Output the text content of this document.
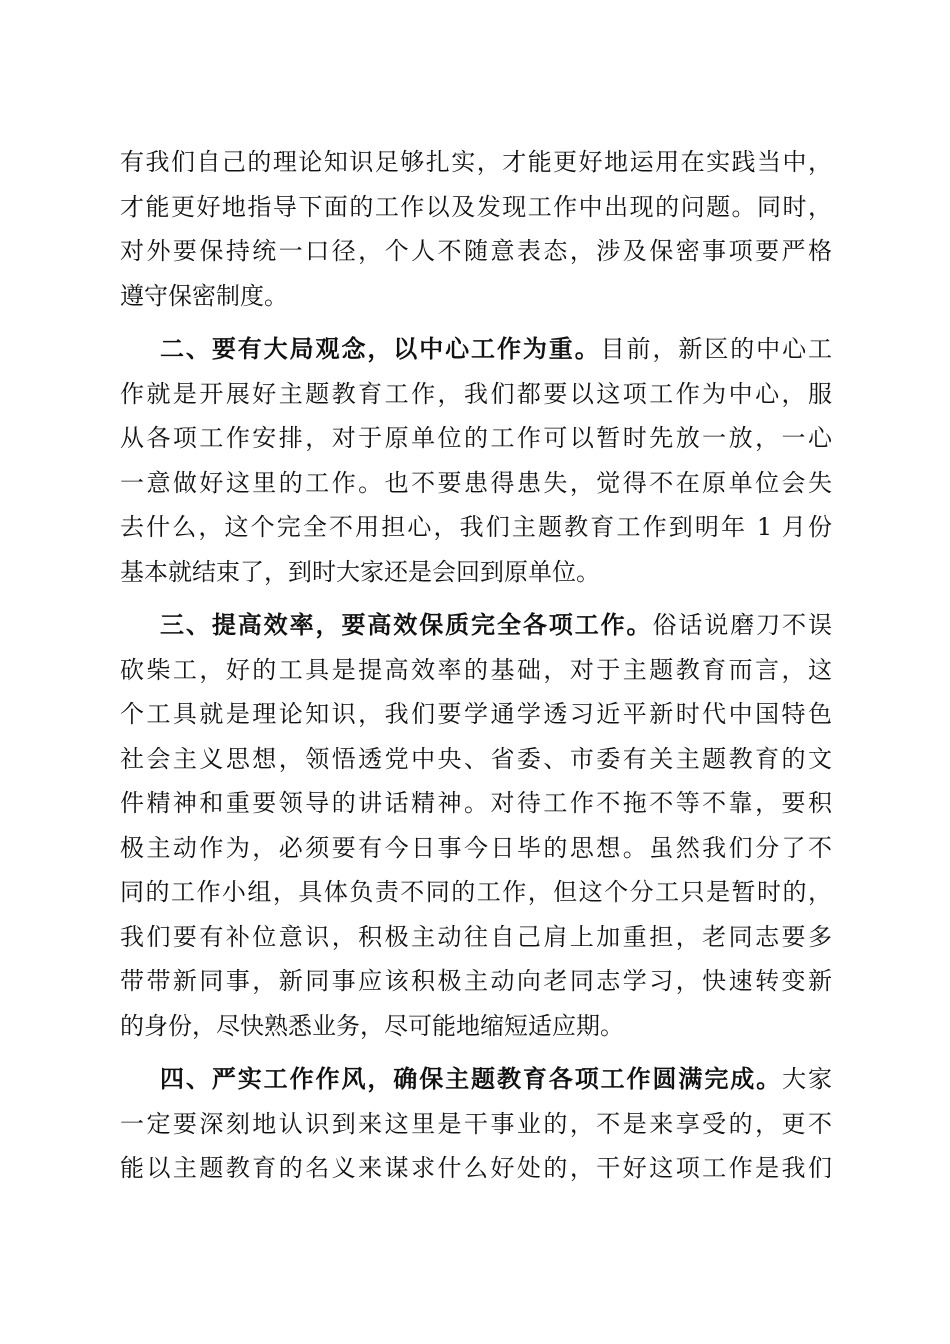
有我们自己的理论知识足够扎实，才能更好地运用在实践当中，
才能更好地指导下面的工作以及发现工作中出现的问题。同时，
对外要保持统一口径，个人不随意表态，涉及保密事项要严格
遵守保密制度。
二、要有大局观念，以中心工作为重。目前，新区的中心工
作就是开展好主题教育工作，我们都要以这项工作为中心，服
从各项工作安排，对于原单位的工作可以暂时先放一放，一心
一意做好这里的工作。也不要患得患失，觉得不在原单位会失
去什么，这个完全不用担心，我们主题教育工作到明年 1 月份
基本就结束了，到时大家还是会回到原单位。
三、提高效率，要高效保质完全各项工作。俗话说磨刀不误
砍柴工，好的工具是提高效率的基础，对于主题教育而言，这
个工具就是理论知识，我们要学通学透习近平新时代中国特色
社会主义思想，领悟透党中央、省委、市委有关主题教育的文
件精神和重要领导的讲话精神。对待工作不拖不等不靠，要积
极主动作为，必须要有今日事今日毕的思想。虽然我们分了不
同的工作小组，具体负责不同的工作，但这个分工只是暂时的，
我们要有补位意识，积极主动往自己肩上加重担，老同志要多
带带新同事，新同事应该积极主动向老同志学习，快速转变新
的身份，尽快熟悉业务，尽可能地缩短适应期。
四、严实工作作风，确保主题教育各项工作圆满完成。大家
一定要深刻地认识到来这里是干事业的，不是来享受的，更不
能以主题教育的名义来谋求什么好处的，干好这项工作是我们
